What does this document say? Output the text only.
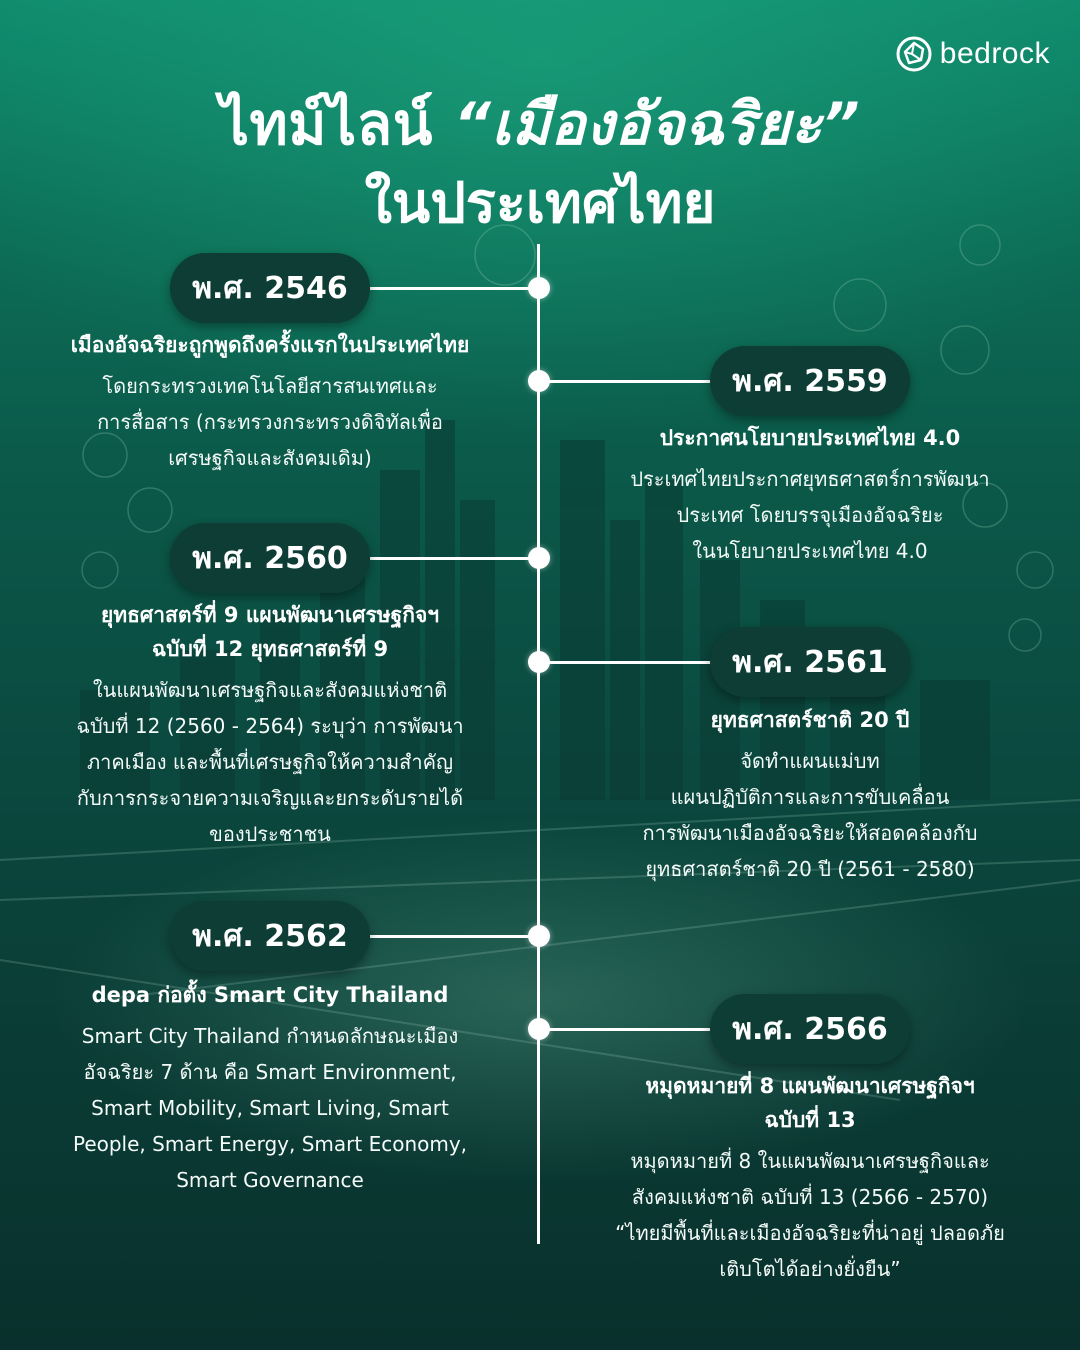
bedrock
ไทม์ไลน์ “เมืองอัจฉริยะ”
ในประเทศไทย
พ.ศ. 2546
เมืองอัจฉริยะถูกพูดถึงครั้งแรกในประเทศไทย
โดยกระทรวงเทคโนโลยีสารสนเทศและ
การสื่อสาร (กระทรวงกระทรวงดิจิทัลเพื่อ
เศรษฐกิจและสังคมเดิม)
พ.ศ. 2559
ประกาศนโยบายประเทศไทย 4.0
ประเทศไทยประกาศยุทธศาสตร์การพัฒนา
ประเทศ โดยบรรจุเมืองอัจฉริยะ
ในนโยบายประเทศไทย 4.0
พ.ศ. 2560
ยุทธศาสตร์ที่ 9 แผนพัฒนาเศรษฐกิจฯ
ฉบับที่ 12 ยุทธศาสตร์ที่ 9
ในแผนพัฒนาเศรษฐกิจและสังคมแห่งชาติ
ฉบับที่ 12 (2560 - 2564) ระบุว่า การพัฒนา
ภาคเมือง และพื้นที่เศรษฐกิจให้ความสำคัญ
กับการกระจายความเจริญและยกระดับรายได้
ของประชาชน
พ.ศ. 2561
ยุทธศาสตร์ชาติ 20 ปี
จัดทำแผนแม่บท
แผนปฏิบัติการและการขับเคลื่อน
การพัฒนาเมืองอัจฉริยะให้สอดคล้องกับ
ยุทธศาสตร์ชาติ 20 ปี (2561 - 2580)
พ.ศ. 2562
depa ก่อตั้ง Smart City Thailand
Smart City Thailand กำหนดลักษณะเมือง
อัจฉริยะ 7 ด้าน คือ Smart Environment,
Smart Mobility, Smart Living, Smart
People, Smart Energy, Smart Economy,
Smart Governance
พ.ศ. 2566
หมุดหมายที่ 8 แผนพัฒนาเศรษฐกิจฯ
ฉบับที่ 13
หมุดหมายที่ 8 ในแผนพัฒนาเศรษฐกิจและ
สังคมแห่งชาติ ฉบับที่ 13 (2566 - 2570)
“ไทยมีพื้นที่และเมืองอัจฉริยะที่น่าอยู่ ปลอดภัย
เติบโตได้อย่างยั่งยืน”
